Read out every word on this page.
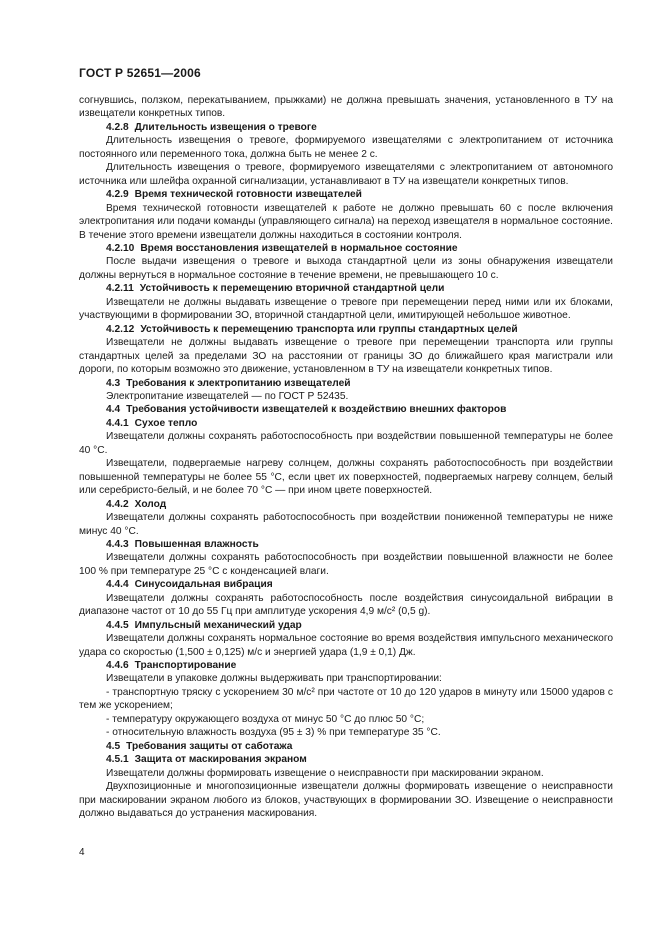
ГОСТ Р 52651—2006

согнувшись, ползком, перекатыванием, прыжками) не должна превышать значения, установленного в ТУ на извещатели конкретных типов.

4.2.8 Длительность извещения о тревоге

Длительность извещения о тревоге, формируемого извещателями с электропитанием от источника постоянного или переменного тока, должна быть не менее 2 с.

Длительность извещения о тревоге, формируемого извещателями с электропитанием от автономного источника или шлейфа охранной сигнализации, устанавливают в ТУ на извещатели конкретных типов.

4.2.9 Время технической готовности извещателей

Время технической готовности извещателей к работе не должно превышать 60 с после включения электропитания или подачи команды (управляющего сигнала) на переход извещателя в нормальное состояние. В течение этого времени извещатели должны находиться в состоянии контроля.

4.2.10 Время восстановления извещателей в нормальное состояние

После выдачи извещения о тревоге и выхода стандартной цели из зоны обнаружения извещатели должны вернуться в нормальное состояние в течение времени, не превышающего 10 с.

4.2.11 Устойчивость к перемещению вторичной стандартной цели

Извещатели не должны выдавать извещение о тревоге при перемещении перед ними или их блоками, участвующими в формировании ЗО, вторичной стандартной цели, имитирующей небольшое животное.

4.2.12 Устойчивость к перемещению транспорта или группы стандартных целей

Извещатели не должны выдавать извещение о тревоге при перемещении транспорта или группы стандартных целей за пределами ЗО на расстоянии от границы ЗО до ближайшего края магистрали или дороги, по которым возможно это движение, установленном в ТУ на извещатели конкретных типов.

4.3 Требования к электропитанию извещателей

Электропитание извещателей — по ГОСТ Р 52435.

4.4 Требования устойчивости извещателей к воздействию внешних факторов
4.4.1 Сухое тепло

Извещатели должны сохранять работоспособность при воздействии повышенной температуры не более 40 °С.

Извещатели, подвергаемые нагреву солнцем, должны сохранять работоспособность при воздействии повышенной температуры не более 55 °С, если цвет их поверхностей, подвергаемых нагреву солнцем, белый или серебристо-белый, и не более 70 °С — при ином цвете поверхностей.

4.4.2 Холод

Извещатели должны сохранять работоспособность при воздействии пониженной температуры не ниже минус 40 °С.

4.4.3 Повышенная влажность

Извещатели должны сохранять работоспособность при воздействии повышенной влажности не более 100 % при температуре 25 °С с конденсацией влаги.

4.4.4 Синусоидальная вибрация

Извещатели должны сохранять работоспособность после воздействия синусоидальной вибрации в диапазоне частот от 10 до 55 Гц при амплитуде ускорения 4,9 м/с² (0,5 g).

4.4.5 Импульсный механический удар

Извещатели должны сохранять нормальное состояние во время воздействия импульсного механического удара со скоростью (1,500 ± 0,125) м/с и энергией удара (1,9 ± 0,1) Дж.

4.4.6 Транспортирование

Извещатели в упаковке должны выдерживать при транспортировании:

- транспортную тряску с ускорением 30 м/с² при частоте от 10 до 120 ударов в минуту или 15000 ударов с тем же ускорением;

- температуру окружающего воздуха от минус 50 °С до плюс 50 °С;

- относительную влажность воздуха (95 ± 3) % при температуре 35 °С.

4.5 Требования защиты от саботажа
4.5.1 Защита от маскирования экраном

Извещатели должны формировать извещение о неисправности при маскировании экраном.

Двухпозиционные и многопозиционные извещатели должны формировать извещение о неисправности при маскировании экраном любого из блоков, участвующих в формировании ЗО. Извещение о неисправности должно выдаваться до устранения маскирования.

4
